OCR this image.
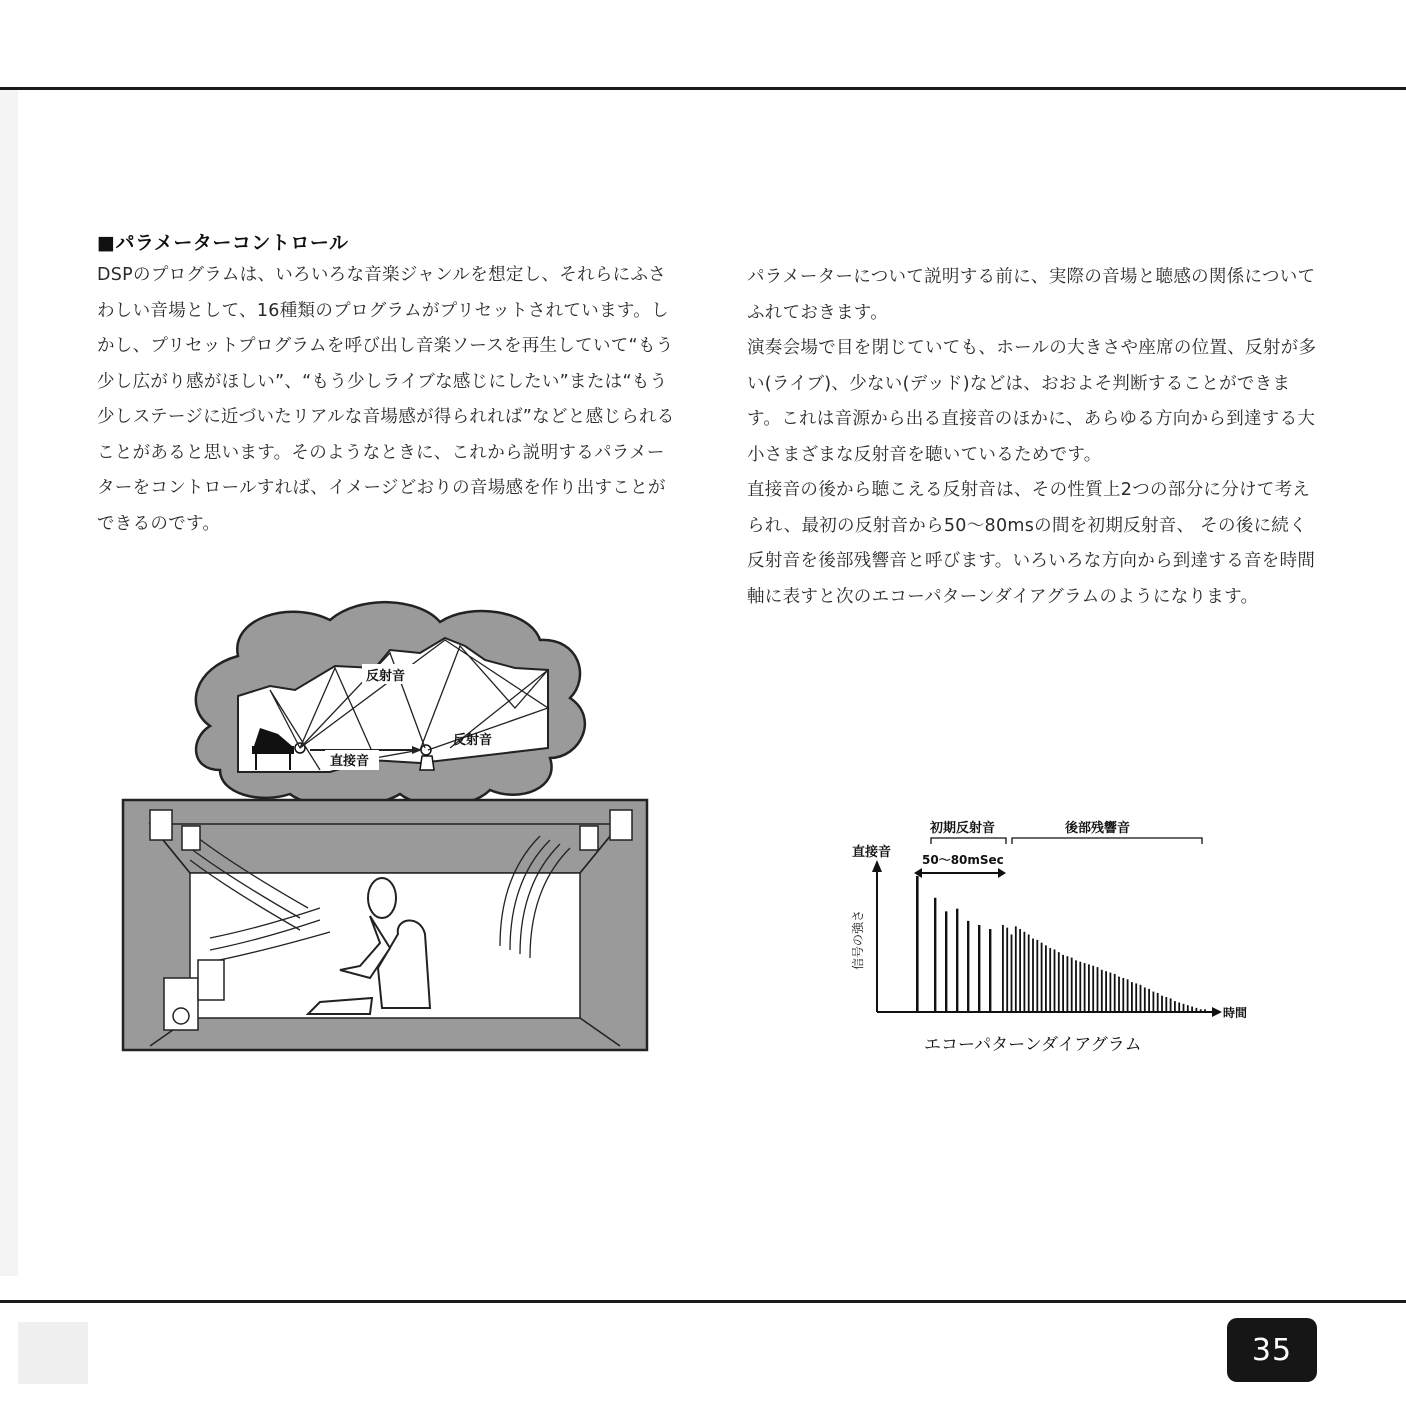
■パラメーターコントロール

DSPのプログラムは、いろいろな音楽ジャンルを想定し、それらにふさわしい音場として、16種類のプログラムがプリセットされています。しかし、プリセットプログラムを呼び出し音楽ソースを再生していて“もう少し広がり感がほしい”、“もう少しライブな感じにしたい”または“もう少しステージに近づいたリアルな音場感が得られれば”などと感じられることがあると思います。そのようなときに、これから説明するパラメーターをコントロールすれば、イメージどおりの音場感を作り出すことができるのです。

パラメーターについて説明する前に、実際の音場と聴感の関係についてふれておきます。

演奏会場で目を閉じていても、ホールの大きさや座席の位置、反射が多い(ライブ)、少ない(デッド)などは、おおよそ判断することができます。これは音源から出る直接音のほかに、あらゆる方向から到達する大小さまざまな反射音を聴いているためです。

直接音の後から聴こえる反射音は、その性質上2つの部分に分けて考えられ、最初の反射音から50〜80msの間を初期反射音、 その後に続く反射音を後部残響音と呼びます。いろいろな方向から到達する音を時間軸に表すと次のエコーパターンダイアグラムのようになります。

反射音
反射音
直接音
直接音
初期反射音	後部残響音
50～80mSec
信号の強さ
時間
エコーパターンダイアグラム
35
